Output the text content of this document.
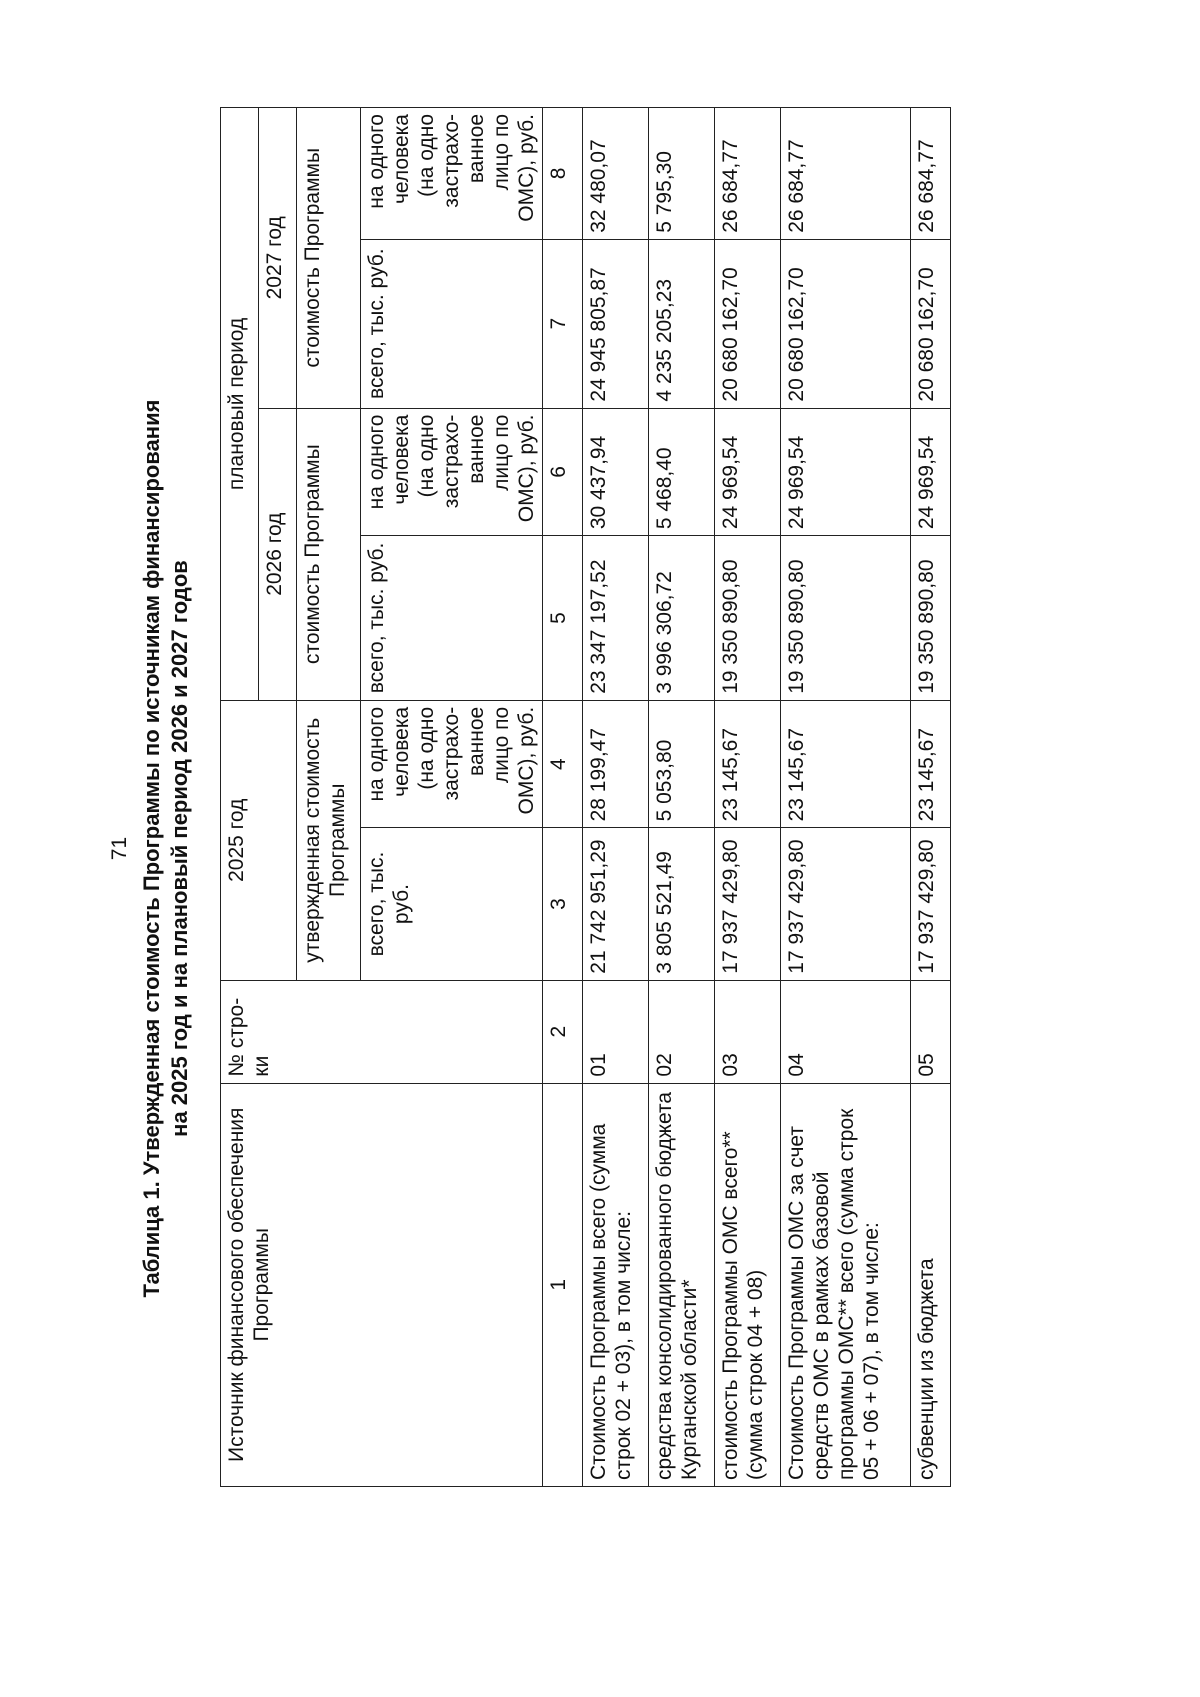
71 Таблица 1. Утвержденная стоимость Программы по источникам финансирования на 2025 год и на плановый период 2026 и 2027 годов
Источник финансового обеспечения Программы	№ стро-ки	2025 год		плановый период			
				2026 год		2027 год	
		утвержденная стоимость Программы		стоимость Программы		стоимость Программы	
		всего, тыс. руб.	на одного человека (на одно застрахо-ванное лицо по ОМС), руб.	всего, тыс. руб.	на одного человека (на одно застрахо-ванное лицо по ОМС), руб.	всего, тыс. руб.	на одного человека (на одно застрахо-ванное лицо по ОМС), руб.
1	2	3	4	5	6	7	8
Стоимость Программы всего (сумма строк 02 + 03), в том числе:	01	21 742 951,29	28 199,47	23 347 197,52	30 437,94	24 945 805,87	32 480,07
средства консолидированного бюджета Курганской области*	02	3 805 521,49	5 053,80	3 996 306,72	5 468,40	4 235 205,23	5 795,30
стоимость Программы ОМС всего** (сумма строк 04 + 08)	03	17 937 429,80	23 145,67	19 350 890,80	24 969,54	20 680 162,70	26 684,77
Стоимость Программы ОМС за счет средств ОМС в рамках базовой программы ОМС** всего (сумма строк 05 + 06 + 07), в том числе:	04	17 937 429,80	23 145,67	19 350 890,80	24 969,54	20 680 162,70	26 684,77
субвенции из бюджета	05	17 937 429,80	23 145,67	19 350 890,80	24 969,54	20 680 162,70	26 684,77
